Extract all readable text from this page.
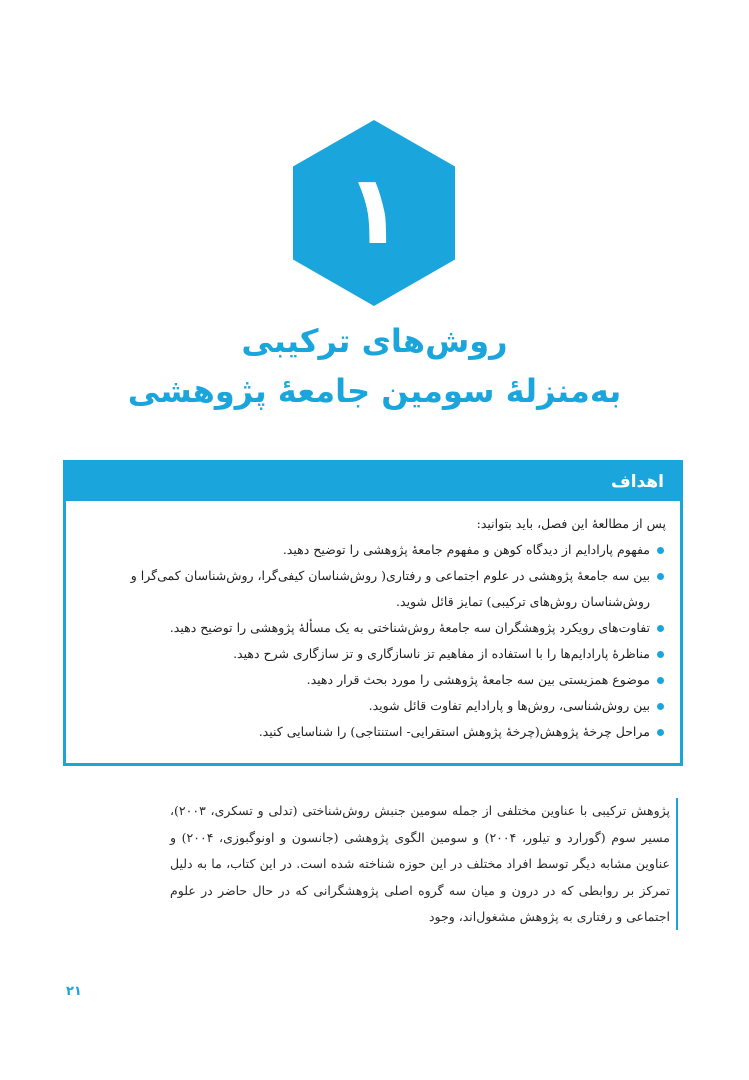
۱
روش‌های ترکیبی
به‌منزلهٔ سومین جامعهٔ پژوهشی
اهداف

پس از مطالعهٔ این فصل، باید بتوانید:

مفهوم پارادایم از دیدگاه کوهن و مفهوم جامعهٔ پژوهشی را توضیح دهید.
بین سه جامعهٔ پژوهشی در علوم اجتماعی و رفتاری( روش‌شناسان کیفی‌گرا، روش‌شناسان کمی‌گرا و روش‌شناسان روش‌های ترکیبی) تمایز قائل شوید.
تفاوت‌های رویکرد پژوهشگران سه جامعهٔ روش‌شناختی به یک مسألهٔ پژوهشی را توضیح دهید.
مناظرهٔ پارادایم‌ها را با استفاده از مفاهیم تز ناسازگاری و تز سازگاری شرح دهید.
موضوع همزیستی بین سه جامعهٔ پژوهشی را مورد بحث قرار دهید.
بین روش‌شناسی، روش‌ها و پارادایم تفاوت قائل شوید.
مراحل چرخهٔ پژوهش(چرخهٔ پژوهش استقرایی- استنتاجی) را شناسایی کنید.
پژوهش ترکیبی با عناوین مختلفی از جمله سومین جنبش روش‌شناختی (تدلی و تسکری، ۲۰۰۳)، مسیر سوم (گورارد و تیلور، ۲۰۰۴) و سومین الگوی پژوهشی (جانسون و اونوگبوزی، ۲۰۰۴) و عناوین مشابه دیگر توسط افراد مختلف در این حوزه شناخته شده است. در این کتاب، ما به دلیل تمرکز بر روابطی که در درون و میان سه گروه اصلی پژوهشگرانی که در حال حاضر در علوم اجتماعی و رفتاری به پژوهش مشغول‌اند، وجود
۲۱
